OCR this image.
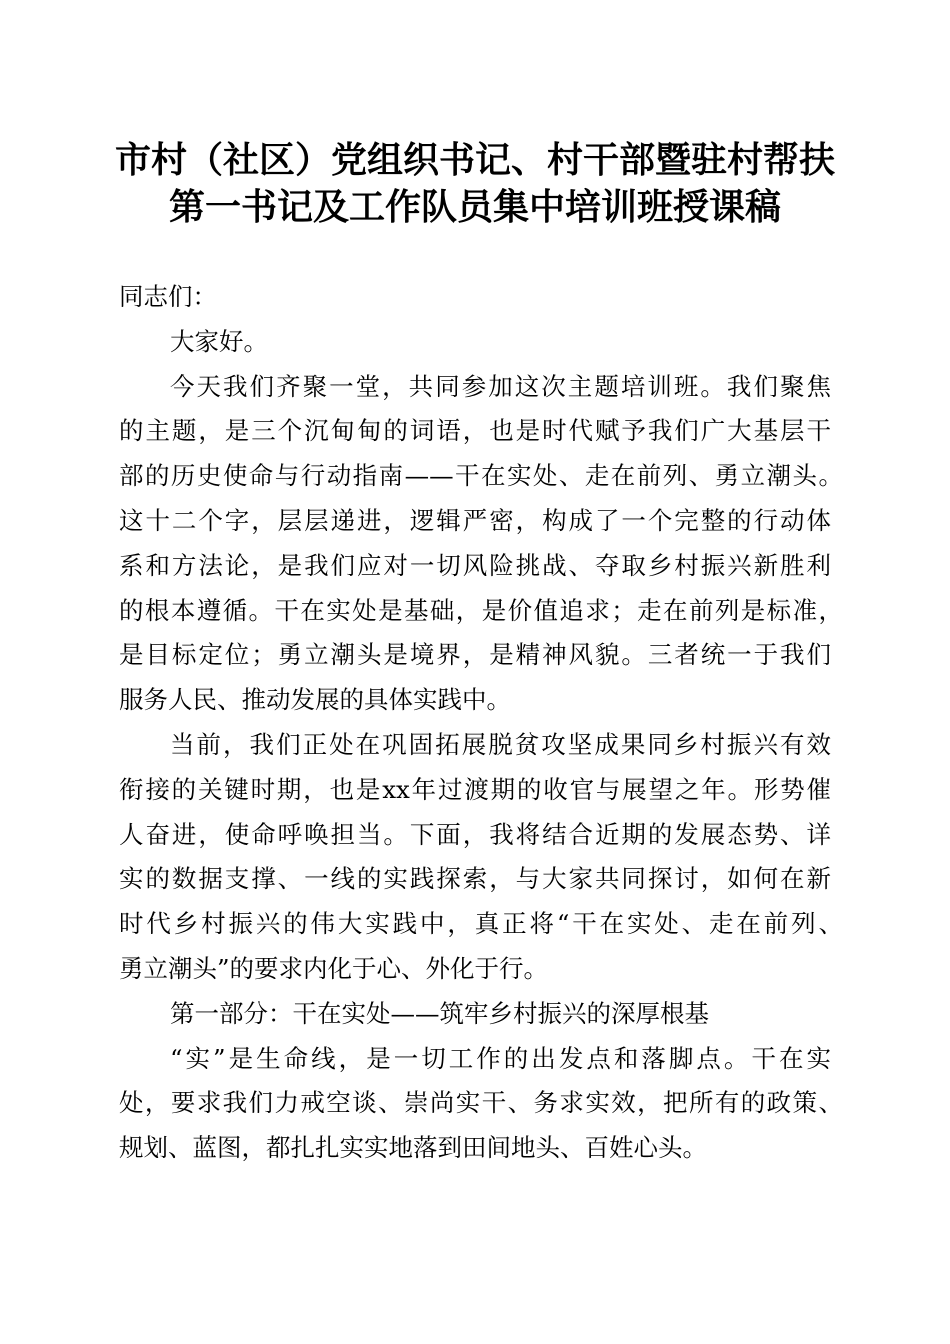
市村（社区）党组织书记、村干部暨驻村帮扶
第一书记及工作队员集中培训班授课稿
同志们：
大家好。
今天我们齐聚一堂，共同参加这次主题培训班。我们聚焦
的主题，是三个沉甸甸的词语，也是时代赋予我们广大基层干
部的历史使命与行动指南——干在实处、走在前列、勇立潮头。
这十二个字，层层递进，逻辑严密，构成了一个完整的行动体
系和方法论，是我们应对一切风险挑战、夺取乡村振兴新胜利
的根本遵循。干在实处是基础，是价值追求；走在前列是标准，
是目标定位；勇立潮头是境界，是精神风貌。三者统一于我们
服务人民、推动发展的具体实践中。
当前，我们正处在巩固拓展脱贫攻坚成果同乡村振兴有效
衔接的关键时期，也是xx年过渡期的收官与展望之年。形势催
人奋进，使命呼唤担当。下面，我将结合近期的发展态势、详
实的数据支撑、一线的实践探索，与大家共同探讨，如何在新
时代乡村振兴的伟大实践中，真正将“干在实处、走在前列、
勇立潮头”的要求内化于心、外化于行。
第一部分：干在实处——筑牢乡村振兴的深厚根基
“实”是生命线，是一切工作的出发点和落脚点。干在实
处，要求我们力戒空谈、崇尚实干、务求实效，把所有的政策、
规划、蓝图，都扎扎实实地落到田间地头、百姓心头。
